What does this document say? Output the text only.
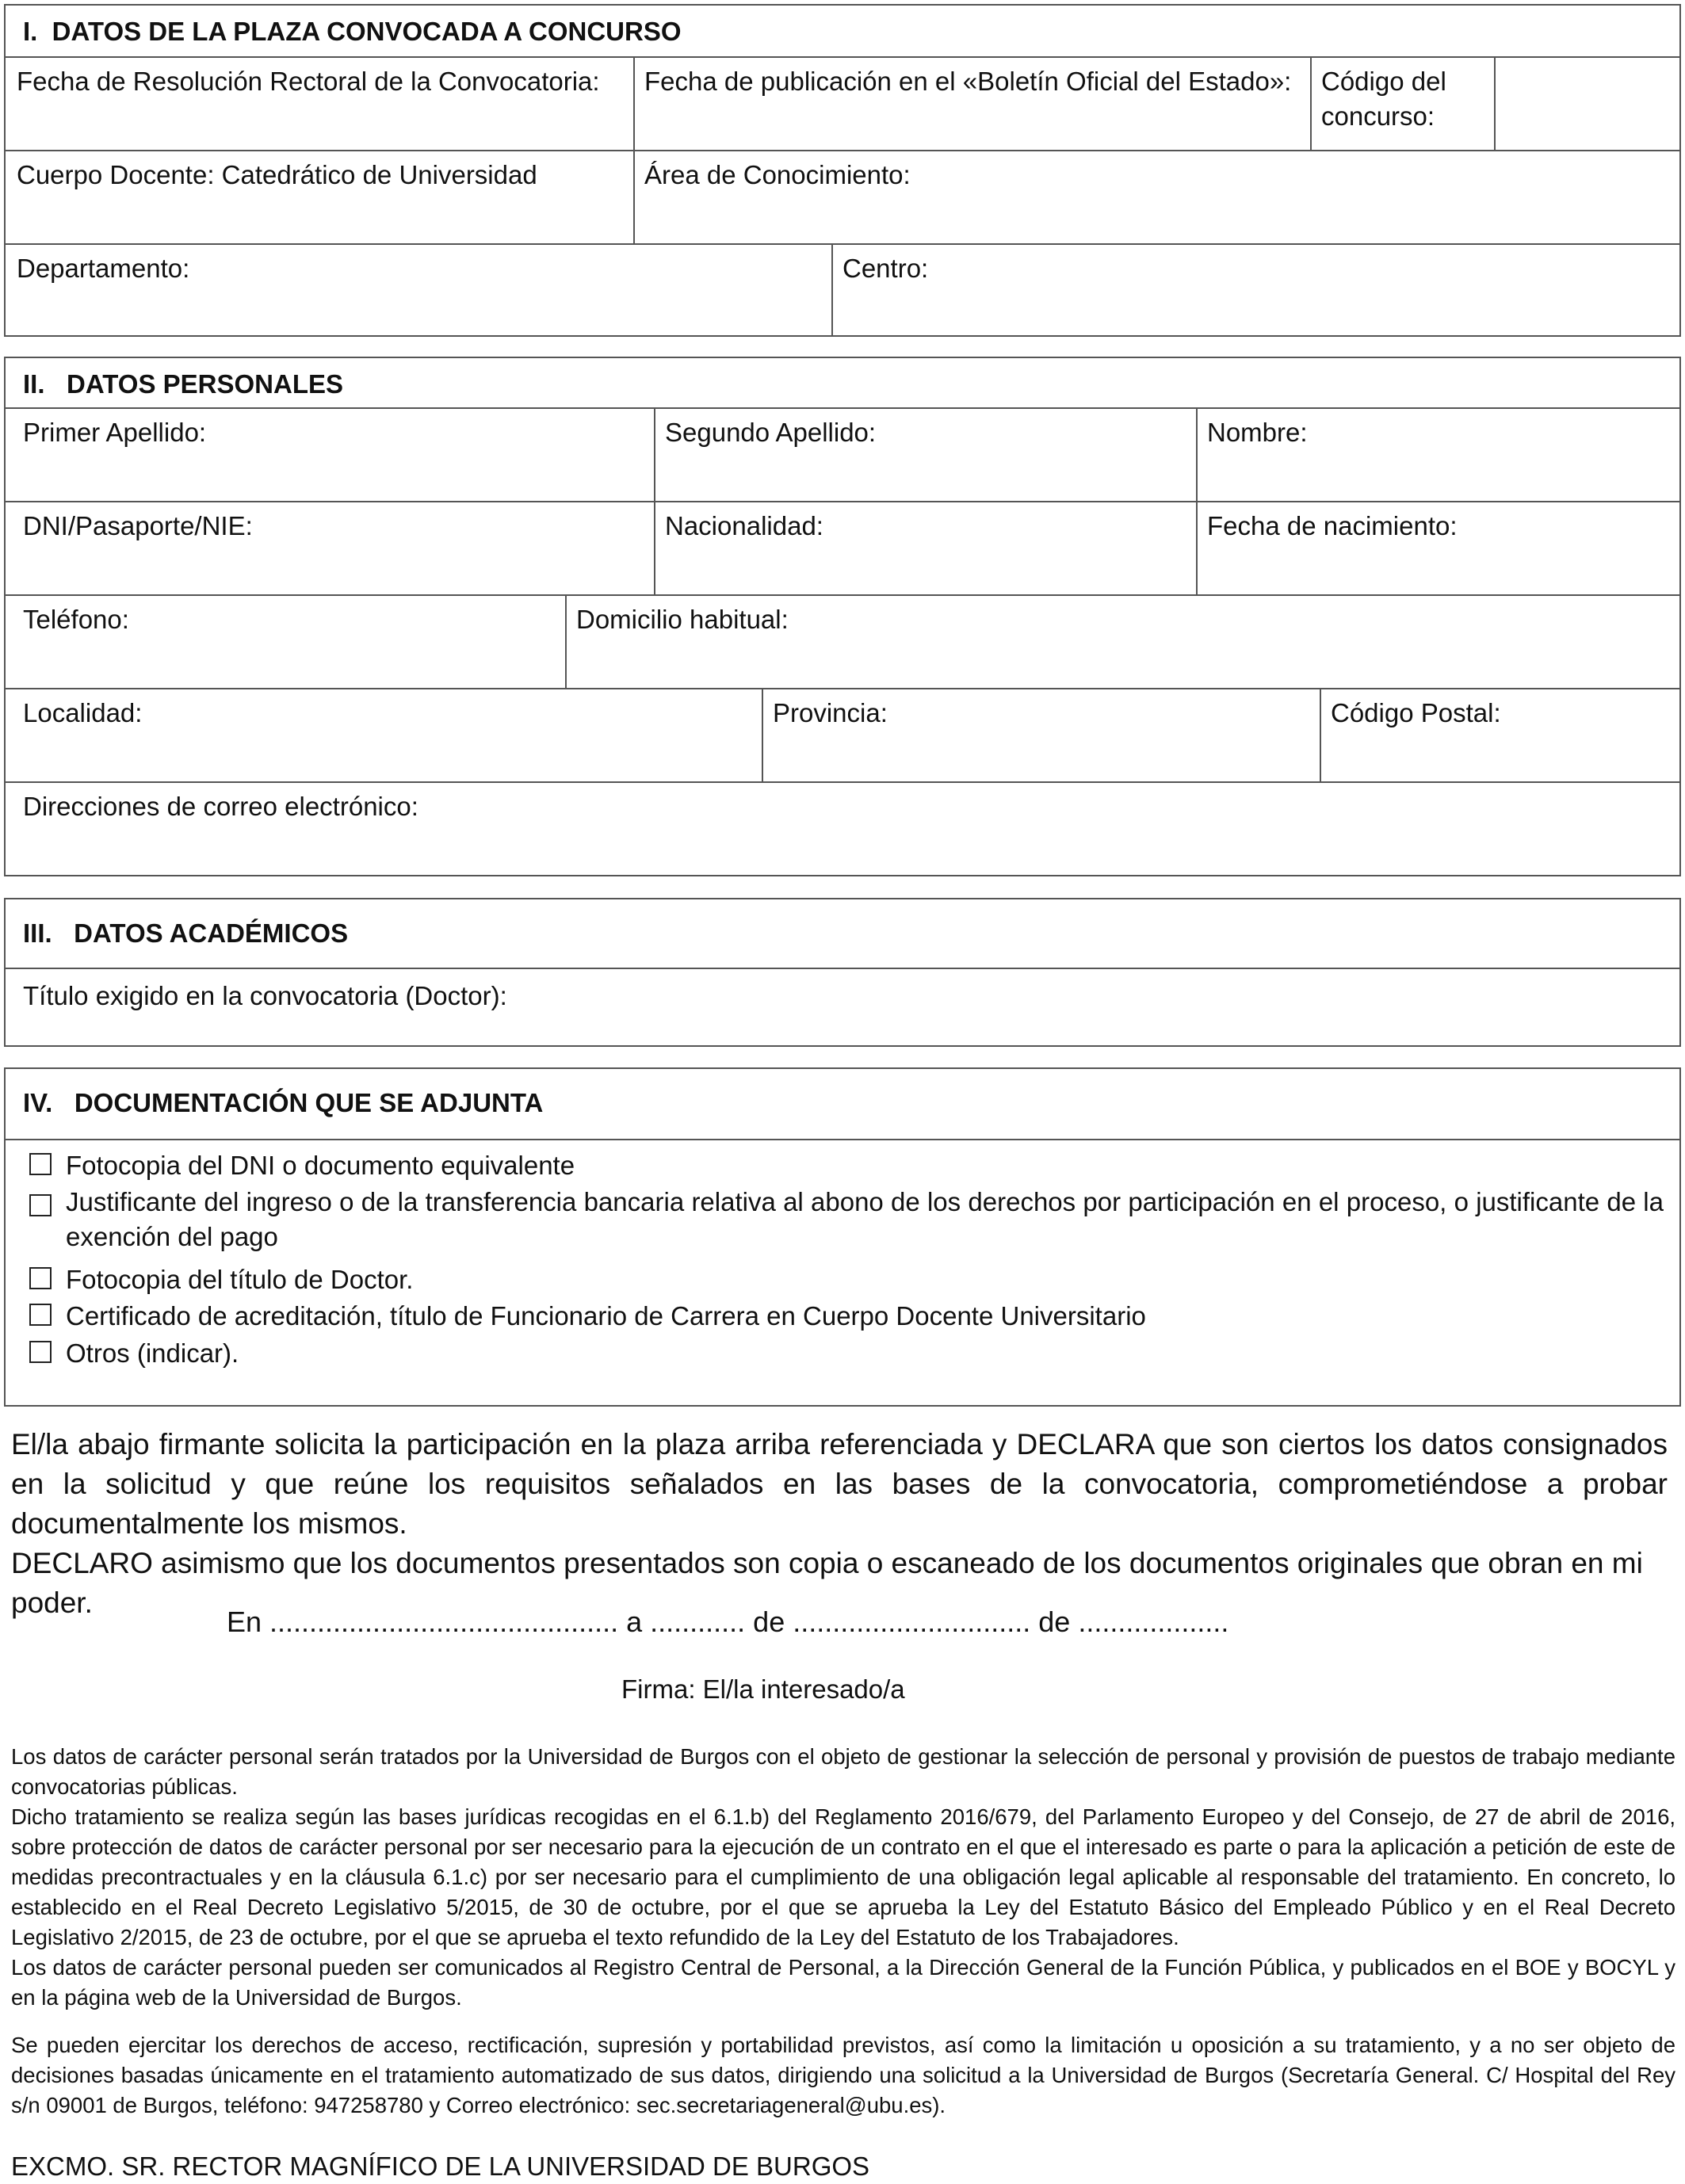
I.  DATOS DE LA PLAZA CONVOCADA A CONCURSO
Fecha de Resolución Rectoral de la Convocatoria:	Fecha de publicación en el «Boletín Oficial del Estado»:	Código del concurso:
Cuerpo Docente: Catedrático de Universidad	Área de Conocimiento:
Departamento:	Centro:
II.   DATOS PERSONALES
Primer Apellido:	Segundo Apellido:	Nombre:
DNI/Pasaporte/NIE:	Nacionalidad:	Fecha de nacimiento:
Teléfono:	Domicilio habitual:
Localidad:	Provincia:	Código Postal:
Direcciones de correo electrónico:
III.   DATOS ACADÉMICOS
Título exigido en la convocatoria (Doctor):
IV.   DOCUMENTACIÓN QUE SE ADJUNTA
Fotocopia del DNI o documento equivalente
Justificante del ingreso o de la transferencia bancaria relativa al abono de los derechos por participación en el proceso, o justificante de la exención del pago
Fotocopia del título de Doctor.
Certificado de acreditación, título de Funcionario de Carrera en Cuerpo Docente Universitario
Otros (indicar).
El/la abajo firmante solicita la participación en la plaza arriba referenciada y DECLARA que son ciertos los datos consignados en la solicitud y que reúne los requisitos señalados en las bases de la convocatoria, comprometiéndose a probar documentalmente los mismos.
DECLARO asimismo que los documentos presentados son copia o escaneado de los documentos originales que obran en mi poder.
En ............................................ a ............ de .............................. de ...................
Firma: El/la interesado/a
Los datos de carácter personal serán tratados por la Universidad de Burgos con el objeto de gestionar la selección de personal y provisión de puestos de trabajo mediante convocatorias públicas.
Dicho tratamiento se realiza según las bases jurídicas recogidas en el 6.1.b) del Reglamento 2016/679, del Parlamento Europeo y del Consejo, de 27 de abril de 2016, sobre protección de datos de carácter personal por ser necesario para la ejecución de un contrato en el que el interesado es parte o para la aplicación a petición de este de medidas precontractuales y en la cláusula 6.1.c) por ser necesario para el cumplimiento de una obligación legal aplicable al responsable del tratamiento. En concreto, lo establecido en el Real Decreto Legislativo 5/2015, de 30 de octubre, por el que se aprueba la Ley del Estatuto Básico del Empleado Público y en el Real Decreto Legislativo 2/2015, de 23 de octubre, por el que se aprueba el texto refundido de la Ley del Estatuto de los Trabajadores.
Los datos de carácter personal pueden ser comunicados al Registro Central de Personal, a la Dirección General de la Función Pública, y publicados en el BOE y BOCYL y en la página web de la Universidad de Burgos.
Se pueden ejercitar los derechos de acceso, rectificación, supresión y portabilidad previstos, así como la limitación u oposición a su tratamiento, y a no ser objeto de decisiones basadas únicamente en el tratamiento automatizado de sus datos, dirigiendo una solicitud a la Universidad de Burgos (Secretaría General. C/ Hospital del Rey s/n 09001 de Burgos, teléfono: 947258780 y Correo electrónico: sec.secretariageneral@ubu.es).
EXCMO. SR. RECTOR MAGNÍFICO DE LA UNIVERSIDAD DE BURGOS
